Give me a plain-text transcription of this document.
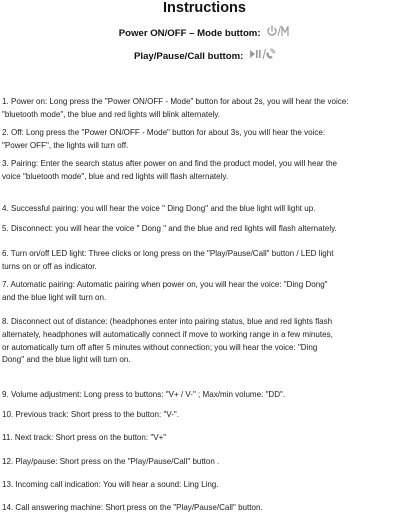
Instructions
Power ON/OFF – Mode buttom:
Play/Pause/Call buttom:

1. Power on: Long press the "Power ON/OFF - Mode" button for about 2s, you will hear the voice:
"bluetooth mode", the blue and red lights will blink alternately.

2. Off: Long press the "Power ON/OFF - Mode" button for about 3s, you will hear the voice:
"Power OFF", the lights will turn off.

3. Pairing: Enter the search status after power on and find the product model, you will hear the
voice "bluetooth mode", blue and red lights will flash alternately.

4. Successful pairing: you will hear the voice " Ding Dong" and the blue light will light up.

5. Disconnect: you will hear the voice " Dong " and the blue and red lights will flash alternately.

6. Turn on/off LED light: Three clicks or long press on the "Play/Pause/Call" button / LED light
turns on or off as indicator.

7. Automatic pairing: Automatic pairing when power on, you will hear the voice: "Ding Dong"
and the blue light will turn on.

8. Disconnect out of distance: (headphones enter into pairing status, blue and red lights flash
alternately, headphones will automatically connect if move to working range in a few minutes,
or automatically turn off after 5 minutes without connection; you will hear the voice: "Ding
Dong" and the blue light will turn on.

9. Volume adjustment: Long press to buttons: "V+ / V-" ; Max/min volume: "DD".

10. Previous track: Short press to the button: "V-".

11. Next track: Short press on the button: "V+"

12. Play/pause: Short press on the "Play/Pause/Call" button .

13. Incoming call indication: You will hear a sound: Ling Ling.

14. Call answering machine: Short press on the "Play/Pause/Call" button.
